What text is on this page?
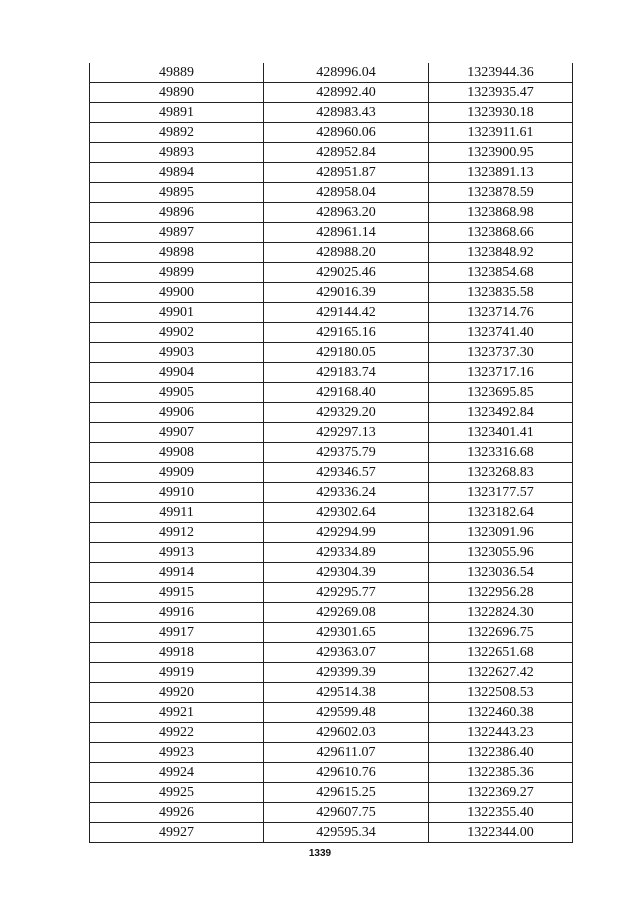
49889	428996.04	1323944.36
49890	428992.40	1323935.47
49891	428983.43	1323930.18
49892	428960.06	1323911.61
49893	428952.84	1323900.95
49894	428951.87	1323891.13
49895	428958.04	1323878.59
49896	428963.20	1323868.98
49897	428961.14	1323868.66
49898	428988.20	1323848.92
49899	429025.46	1323854.68
49900	429016.39	1323835.58
49901	429144.42	1323714.76
49902	429165.16	1323741.40
49903	429180.05	1323737.30
49904	429183.74	1323717.16
49905	429168.40	1323695.85
49906	429329.20	1323492.84
49907	429297.13	1323401.41
49908	429375.79	1323316.68
49909	429346.57	1323268.83
49910	429336.24	1323177.57
49911	429302.64	1323182.64
49912	429294.99	1323091.96
49913	429334.89	1323055.96
49914	429304.39	1323036.54
49915	429295.77	1322956.28
49916	429269.08	1322824.30
49917	429301.65	1322696.75
49918	429363.07	1322651.68
49919	429399.39	1322627.42
49920	429514.38	1322508.53
49921	429599.48	1322460.38
49922	429602.03	1322443.23
49923	429611.07	1322386.40
49924	429610.76	1322385.36
49925	429615.25	1322369.27
49926	429607.75	1322355.40
49927	429595.34	1322344.00
1339
